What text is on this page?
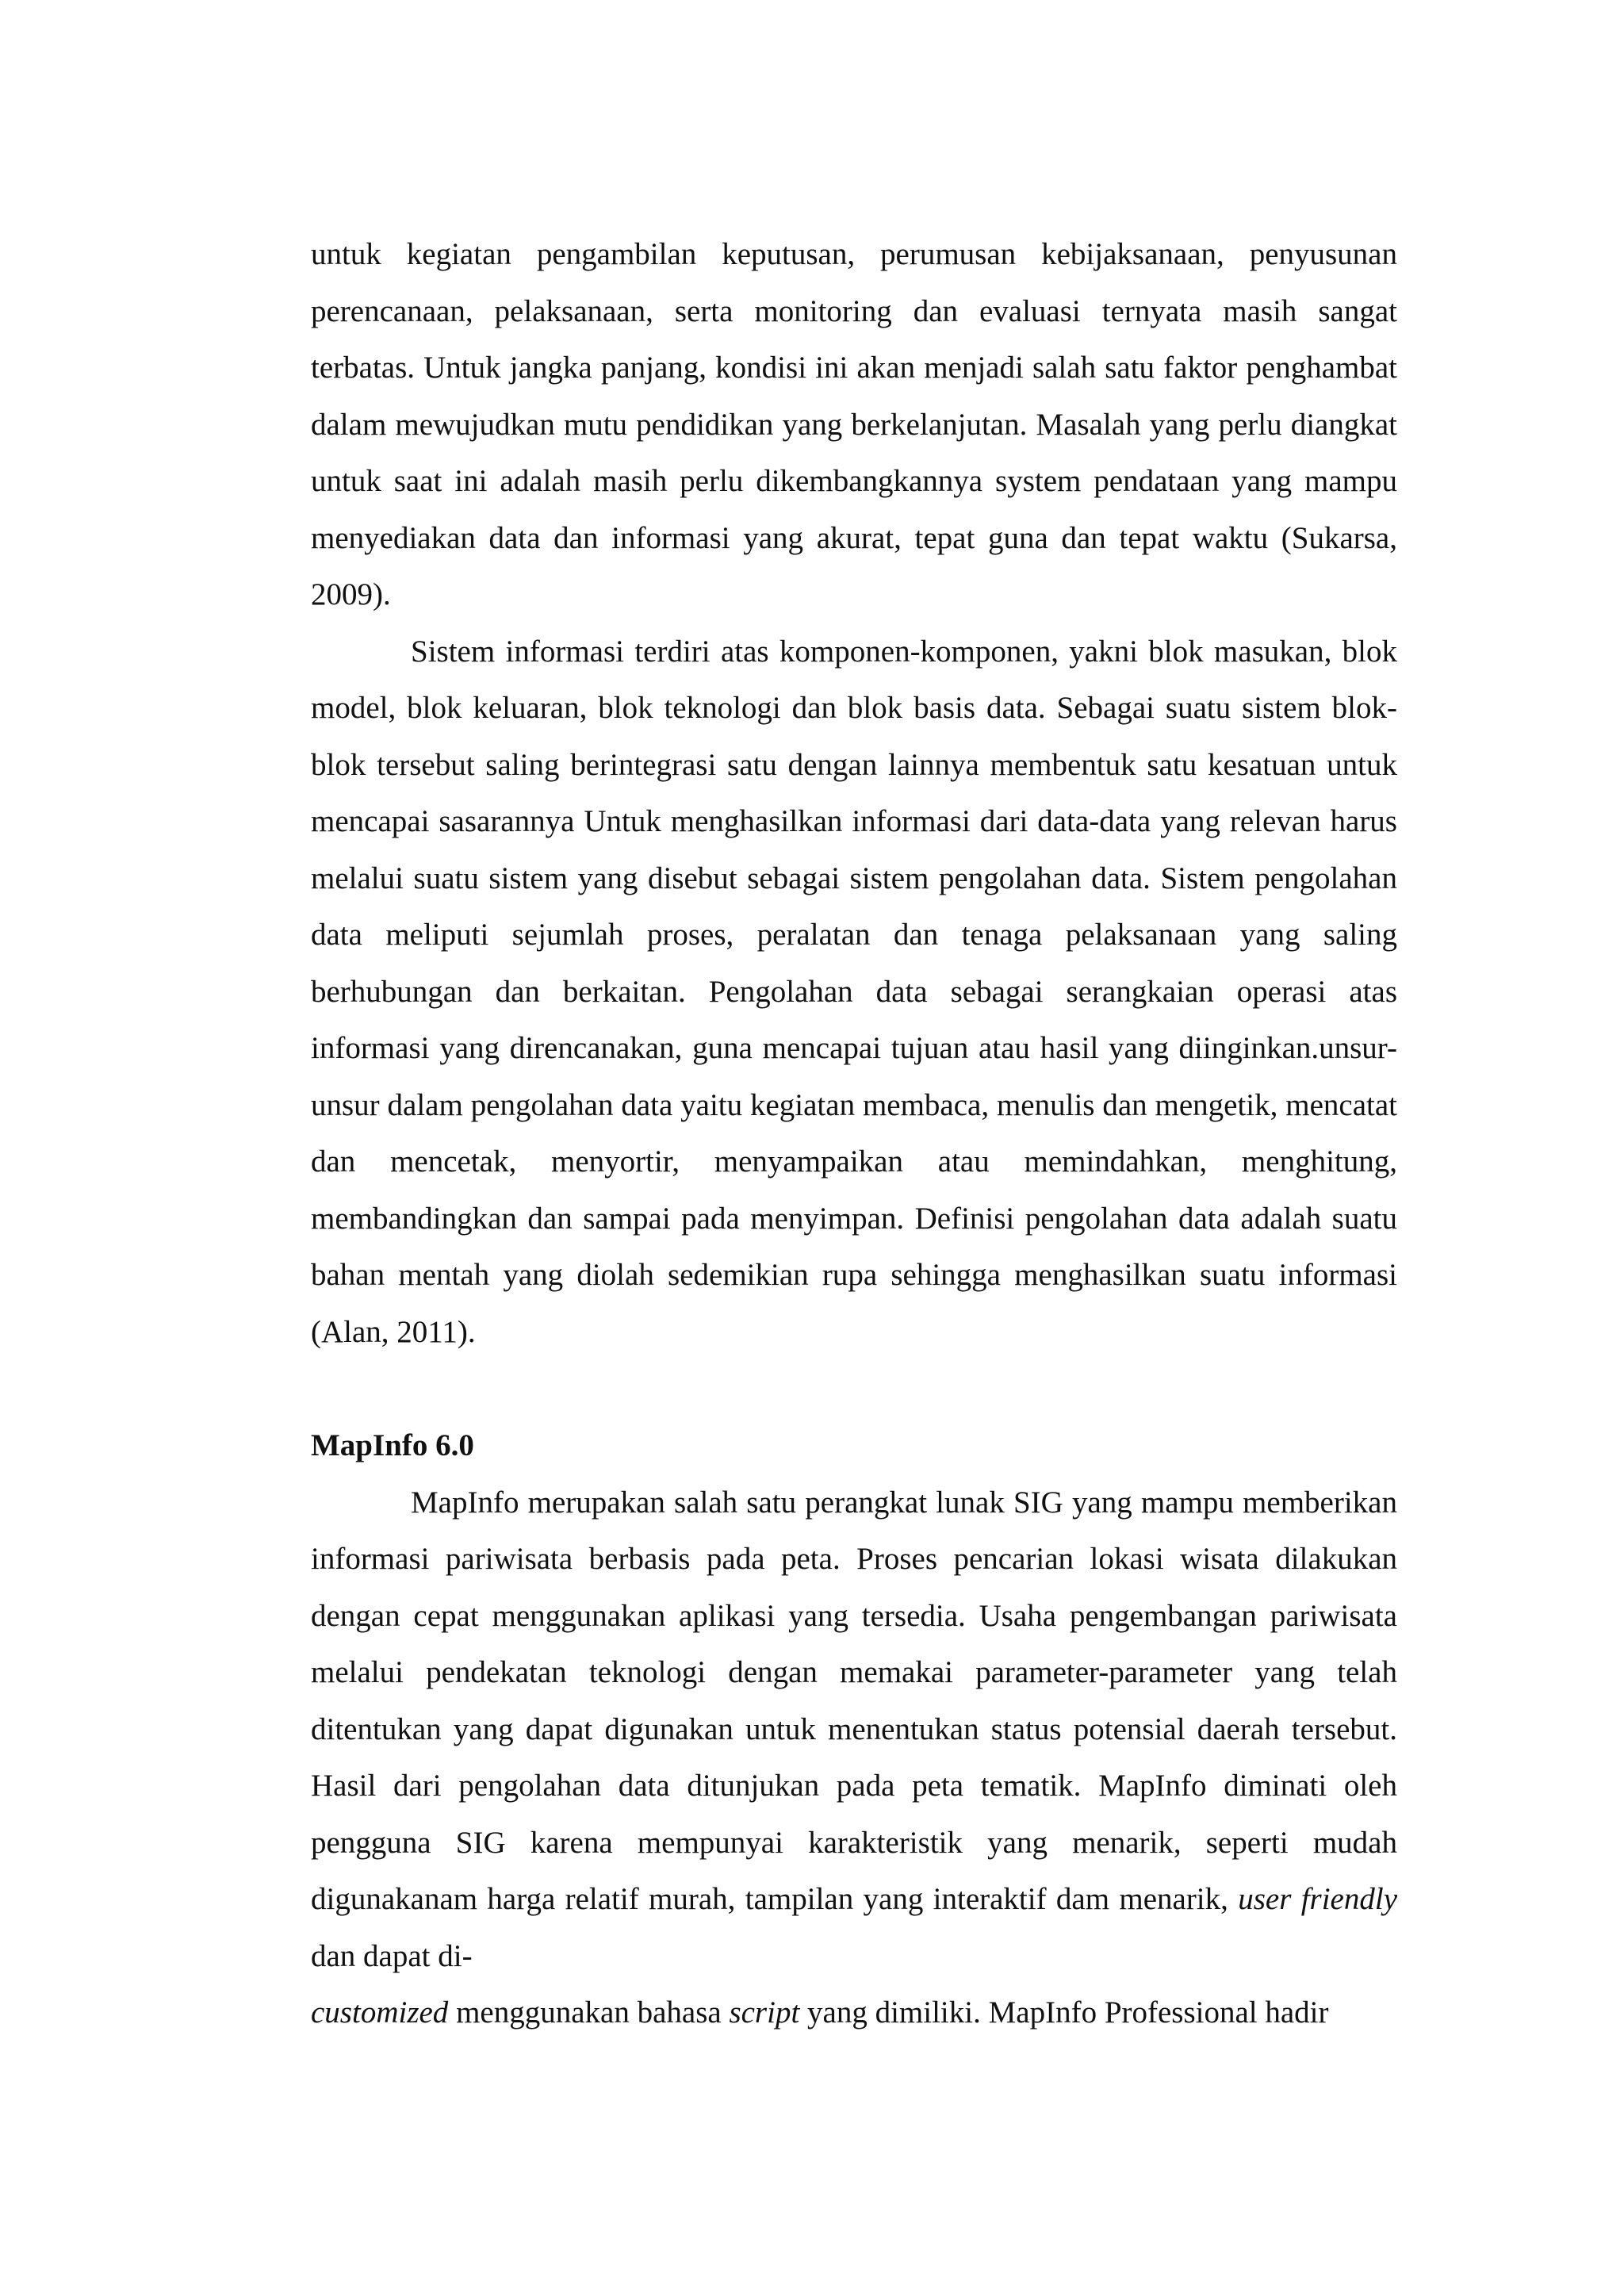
untuk kegiatan pengambilan keputusan, perumusan kebijaksanaan, penyusunan perencanaan, pelaksanaan, serta monitoring dan evaluasi ternyata masih sangat terbatas. Untuk jangka panjang, kondisi ini akan menjadi salah satu faktor penghambat dalam mewujudkan mutu pendidikan yang berkelanjutan. Masalah yang perlu diangkat untuk saat ini adalah masih perlu dikembangkannya system pendataan yang mampu menyediakan data dan informasi yang akurat, tepat guna dan tepat waktu (Sukarsa, 2009).

Sistem informasi terdiri atas komponen-komponen, yakni blok masukan, blok model, blok keluaran, blok teknologi dan blok basis data. Sebagai suatu sistem blok-blok tersebut saling berintegrasi satu dengan lainnya membentuk satu kesatuan untuk mencapai sasarannya Untuk menghasilkan informasi dari data-data yang relevan harus melalui suatu sistem yang disebut sebagai sistem pengolahan data. Sistem pengolahan data meliputi sejumlah proses, peralatan dan tenaga pelaksanaan yang saling berhubungan dan berkaitan. Pengolahan data sebagai serangkaian operasi atas informasi yang direncanakan, guna mencapai tujuan atau hasil yang diinginkan.unsur-unsur dalam pengolahan data yaitu kegiatan membaca, menulis dan mengetik, mencatat dan mencetak, menyortir, menyampaikan atau memindahkan, menghitung, membandingkan dan sampai pada menyimpan. Definisi pengolahan data adalah suatu bahan mentah yang diolah sedemikian rupa sehingga menghasilkan suatu informasi (Alan, 2011).

MapInfo 6.0

MapInfo merupakan salah satu perangkat lunak SIG yang mampu memberikan informasi pariwisata berbasis pada peta. Proses pencarian lokasi wisata dilakukan dengan cepat menggunakan aplikasi yang tersedia. Usaha pengembangan pariwisata melalui pendekatan teknologi dengan memakai parameter-parameter yang telah ditentukan yang dapat digunakan untuk menentukan status potensial daerah tersebut. Hasil dari pengolahan data ditunjukan pada peta tematik. MapInfo diminati oleh pengguna SIG karena mempunyai karakteristik yang menarik, seperti mudah digunakanam harga relatif murah, tampilan yang interaktif dam menarik, user friendly dan dapat di-
customized menggunakan bahasa script yang dimiliki. MapInfo Professional hadir
